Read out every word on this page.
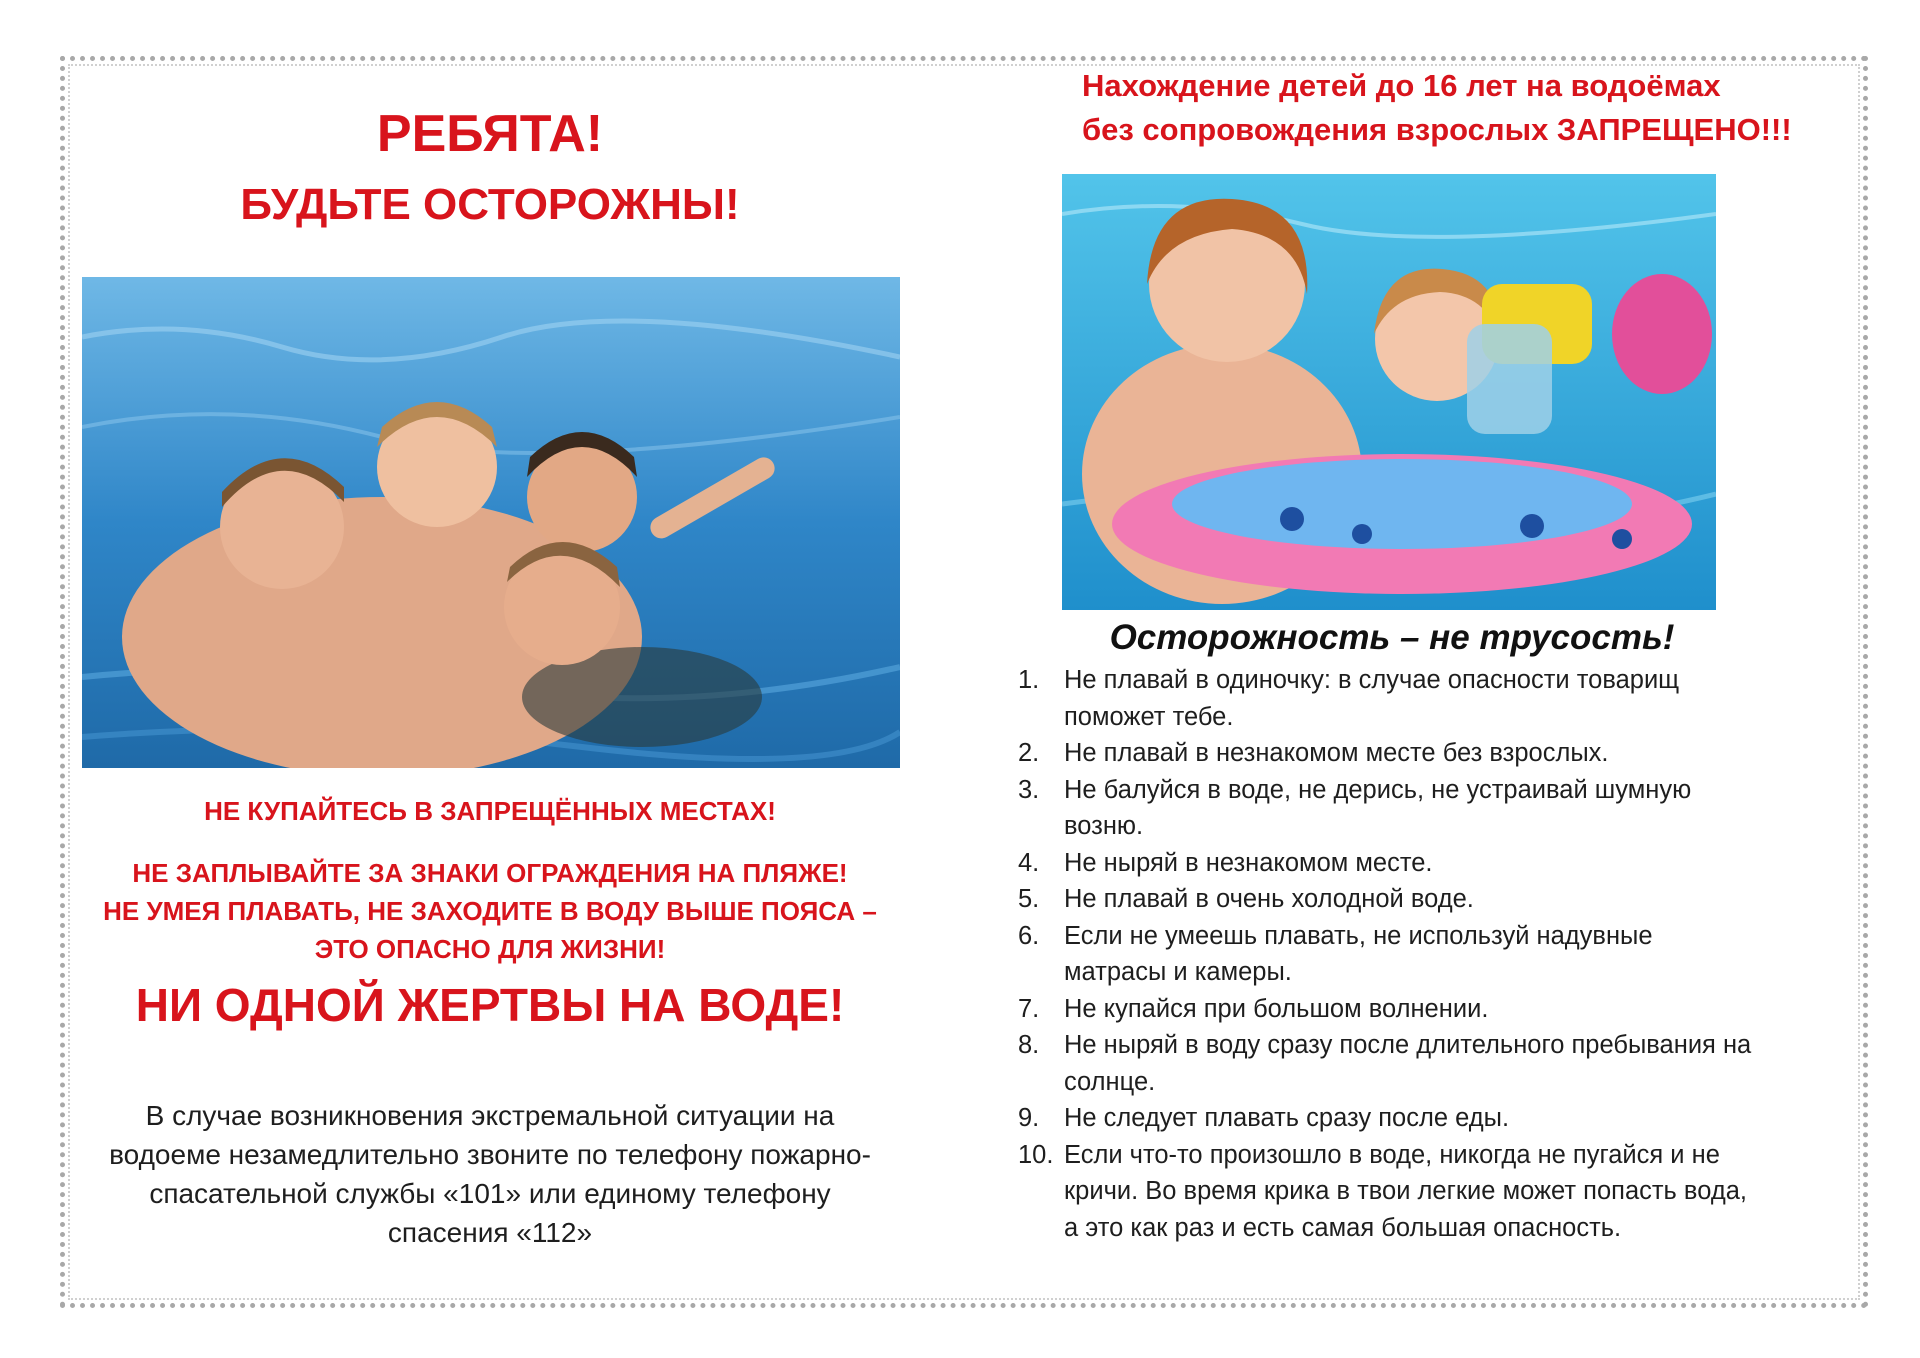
РЕБЯТА!
БУДЬТЕ ОСТОРОЖНЫ!
НЕ КУПАЙТЕСЬ В ЗАПРЕЩЁННЫХ МЕСТАХ!
НЕ ЗАПЛЫВАЙТЕ ЗА ЗНАКИ ОГРАЖДЕНИЯ НА ПЛЯЖЕ!
НЕ УМЕЯ ПЛАВАТЬ, НЕ ЗАХОДИТЕ В ВОДУ ВЫШЕ ПОЯСА –
ЭТО ОПАСНО ДЛЯ ЖИЗНИ!
НИ ОДНОЙ ЖЕРТВЫ НА ВОДЕ!
В случае возникновения экстремальной ситуации на
водоеме незамедлительно звоните по телефону пожарно-
спасательной службы «101» или единому телефону
спасения «112»
Нахождение детей до 16 лет на водоёмах
без сопровождения взрослых ЗАПРЕЩЕНО!!!
Осторожность – не трусость!
1. Не плавай в одиночку: в случае опасности товарищ
поможет тебе.
2. Не плавай в незнакомом месте без взрослых.
3. Не балуйся в воде, не дерись, не устраивай шумную
возню.
4. Не ныряй в незнакомом месте.
5. Не плавай в очень холодной воде.
6. Если не умеешь плавать, не используй надувные
матрасы и камеры.
7. Не купайся при большом волнении.
8. Не ныряй в воду сразу после длительного пребывания на
солнце.
9. Не следует плавать сразу после еды.
10. Если что-то произошло в воде, никогда не пугайся и не
кричи. Во время крика в твои легкие может попасть вода,
а это как раз и есть самая большая опасность.
